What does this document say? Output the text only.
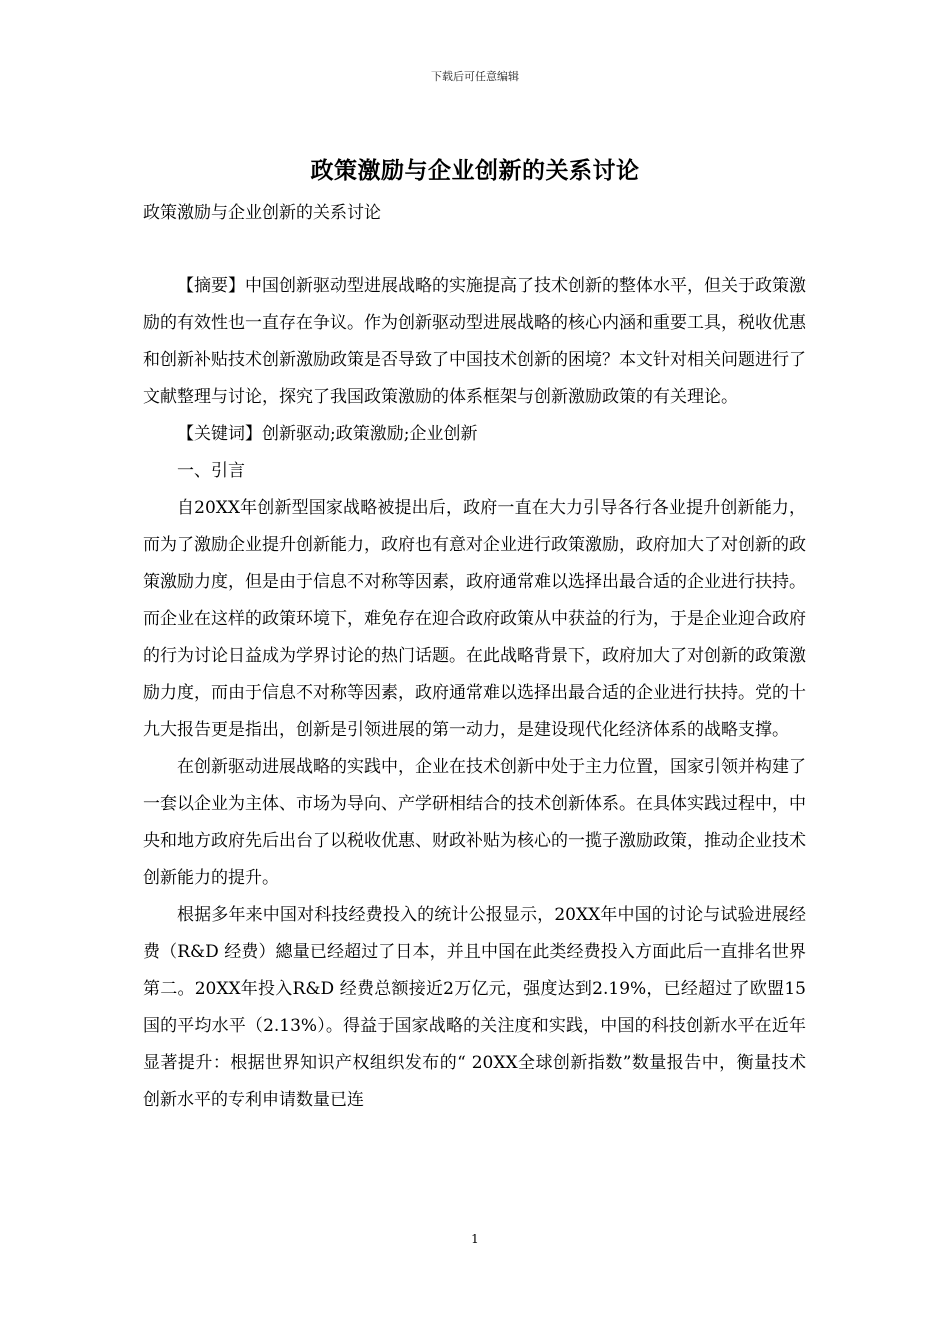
下载后可任意编辑
政策激励与企业创新的关系讨论
政策激励与企业创新的关系讨论

【摘要】中国创新驱动型进展战略的实施提高了技术创新的整体水平，但关于政策激励的有效性也一直存在争议。作为创新驱动型进展战略的核心内涵和重要工具，税收优惠和创新补贴技术创新激励政策是否导致了中国技术创新的困境？本文针对相关问题进行了文献整理与讨论，探究了我国政策激励的体系框架与创新激励政策的有关理论。

【关键词】创新驱动;政策激励;企业创新

一、引言

自20XX年创新型国家战略被提出后，政府一直在大力引导各行各业提升创新能力，而为了激励企业提升创新能力，政府也有意对企业进行政策激励，政府加大了对创新的政策激励力度，但是由于信息不对称等因素，政府通常难以选择出最合适的企业进行扶持。而企业在这样的政策环境下，难免存在迎合政府政策从中获益的行为，于是企业迎合政府的行为讨论日益成为学界讨论的热门话题。在此战略背景下，政府加大了对创新的政策激励力度，而由于信息不对称等因素，政府通常难以选择出最合适的企业进行扶持。党的十九大报告更是指出，创新是引领进展的第一动力，是建设现代化经济体系的战略支撑。

在创新驱动进展战略的实践中，企业在技术创新中处于主力位置，国家引领并构建了一套以企业为主体、市场为导向、产学研相结合的技术创新体系。在具体实践过程中，中央和地方政府先后出台了以税收优惠、财政补贴为核心的一揽子激励政策，推动企业技术创新能力的提升。

根据多年来中国对科技经费投入的统计公报显示，20XX年中国的讨论与试验进展经费（R&D 经费）總量已经超过了日本，并且中国在此类经费投入方面此后一直排名世界第二。20XX年投入R&D 经费总额接近2万亿元，强度达到2.19%，已经超过了欧盟15国的平均水平（2.13%）。得益于国家战略的关注度和实践，中国的科技创新水平在近年显著提升：根据世界知识产权组织发布的“ 20XX全球创新指数”数量报告中，衡量技术创新水平的专利申请数量已连

1
